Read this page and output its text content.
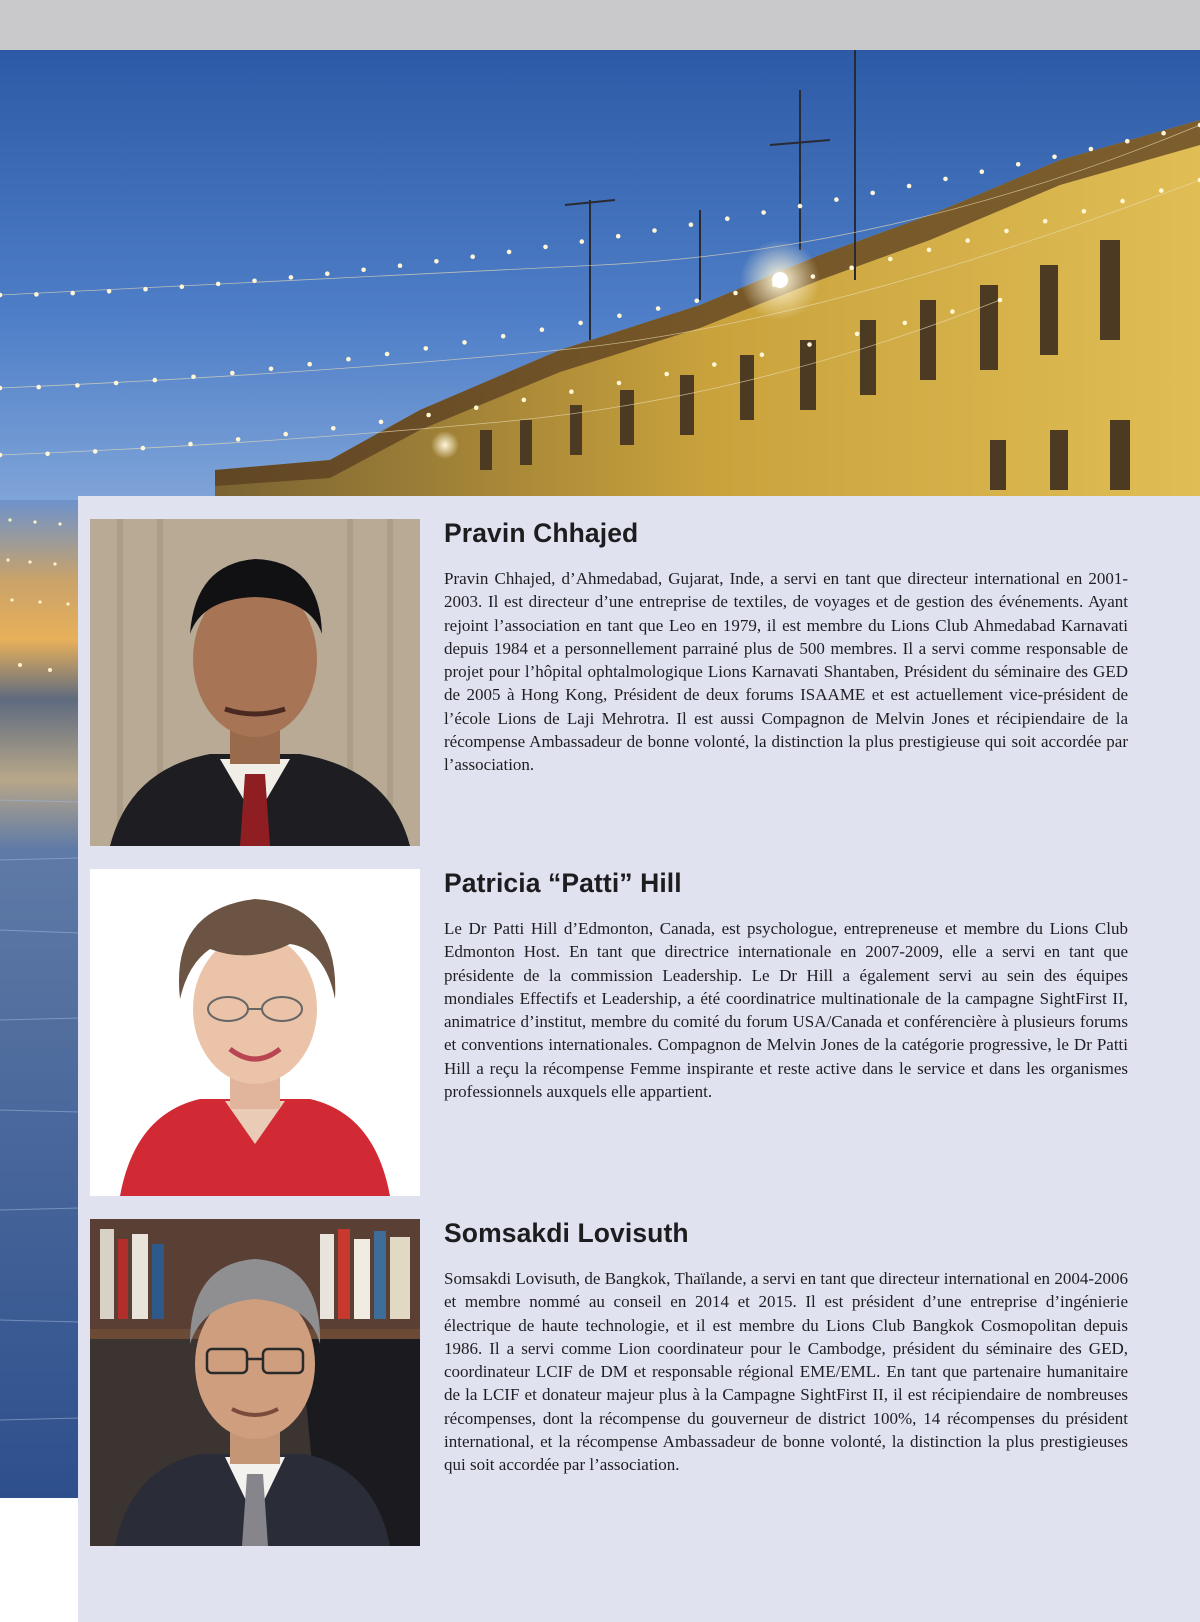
Pravin Chhajed

Pravin Chhajed, d’Ahmedabad, Gujarat, Inde, a servi en tant que directeur international en 2001-2003. Il est directeur d’une entreprise de textiles, de voyages et de gestion des événements. Ayant rejoint l’association en tant que Leo en 1979, il est membre du Lions Club Ahmedabad Karnavati depuis 1984 et a personnellement parrainé plus de 500 membres. Il a servi comme responsable de projet pour l’hôpital ophtalmologique Lions Karnavati Shantaben, Président du séminaire des GED de 2005 à Hong Kong, Président de deux forums ISAAME et est actuellement vice-président de l’école Lions de Laji Mehrotra. Il est aussi Compagnon de Melvin Jones et récipiendaire de la récompense Ambassadeur de bonne volonté, la distinction la plus prestigieuse qui soit accordée par l’association.

Patricia “Patti” Hill

Le Dr Patti Hill d’Edmonton, Canada, est psychologue, entrepreneuse et membre du Lions Club Edmonton Host. En tant que directrice internationale en 2007-2009, elle a servi en tant que présidente de la commission Leadership. Le Dr Hill a également servi au sein des équipes mondiales Effectifs et Leadership, a été coordinatrice multinationale de la campagne SightFirst II, animatrice d’institut, membre du comité du forum USA/Canada et conférencière à plusieurs forums et conventions internationales. Compagnon de Melvin Jones de la catégorie progressive, le Dr Patti Hill a reçu la récompense Femme inspirante et reste active dans le service et dans les organismes professionnels auxquels elle appartient.

Somsakdi Lovisuth

Somsakdi Lovisuth, de Bangkok, Thaïlande, a servi en tant que directeur international en 2004-2006 et membre nommé au conseil en 2014 et 2015. Il est président d’une entreprise d’ingénierie électrique de haute technologie, et il est membre du Lions Club Bangkok Cosmopolitan depuis 1986. Il a servi comme Lion coordinateur pour le Cambodge, président du séminaire des GED, coordinateur LCIF de DM et responsable régional EME/EML. En tant que partenaire humanitaire de la LCIF et donateur majeur plus à la Campagne SightFirst II, il est récipiendaire de nombreuses récompenses, dont la récompense du gouverneur de district 100%, 14 récompenses du président international, et la récompense Ambassadeur de bonne volonté, la distinction la plus prestigieuses qui soit accordée par l’association.
